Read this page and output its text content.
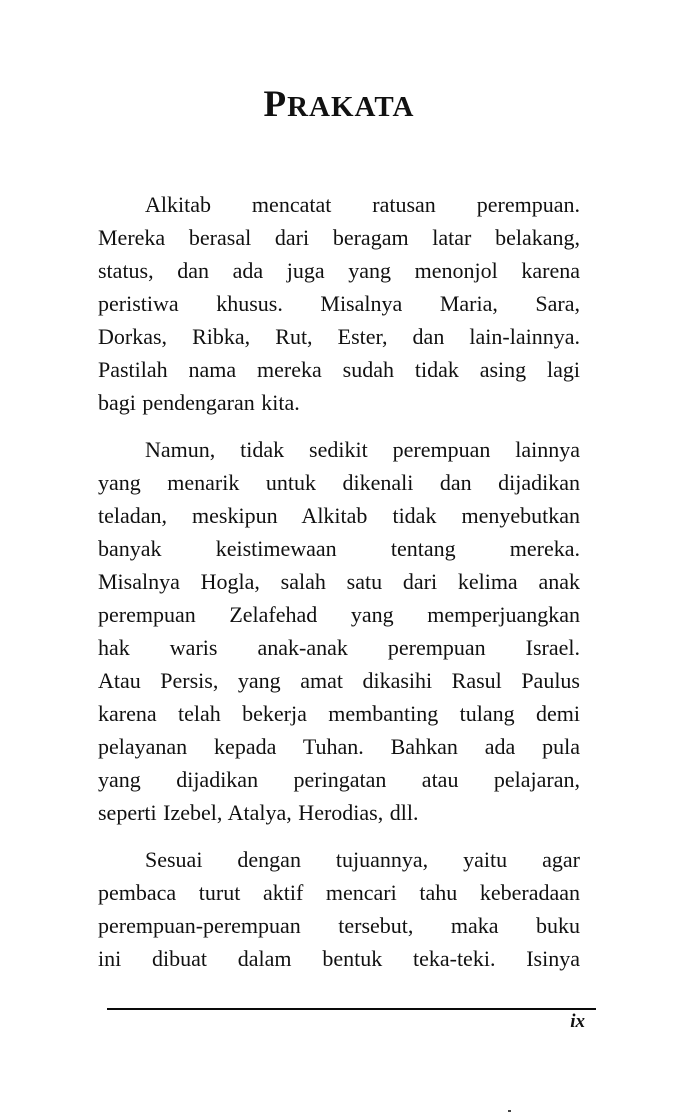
PRAKATA
Alkitab mencatat ratusan perempuan.
Mereka berasal dari beragam latar belakang,
status, dan ada juga yang menonjol karena
peristiwa khusus. Misalnya Maria, Sara,
Dorkas, Ribka, Rut, Ester, dan lain-lainnya.
Pastilah nama mereka sudah tidak asing lagi
bagi pendengaran kita.
Namun, tidak sedikit perempuan lainnya
yang menarik untuk dikenali dan dijadikan
teladan, meskipun Alkitab tidak menyebutkan
banyak keistimewaan tentang mereka.
Misalnya Hogla, salah satu dari kelima anak
perempuan Zelafehad yang memperjuangkan
hak waris anak-anak perempuan Israel.
Atau Persis, yang amat dikasihi Rasul Paulus
karena telah bekerja membanting tulang demi
pelayanan kepada Tuhan. Bahkan ada pula
yang dijadikan peringatan atau pelajaran,
seperti Izebel, Atalya, Herodias, dll.
Sesuai dengan tujuannya, yaitu agar
pembaca turut aktif mencari tahu keberadaan
perempuan-perempuan tersebut, maka buku
ini dibuat dalam bentuk teka-teki. Isinya
ix
